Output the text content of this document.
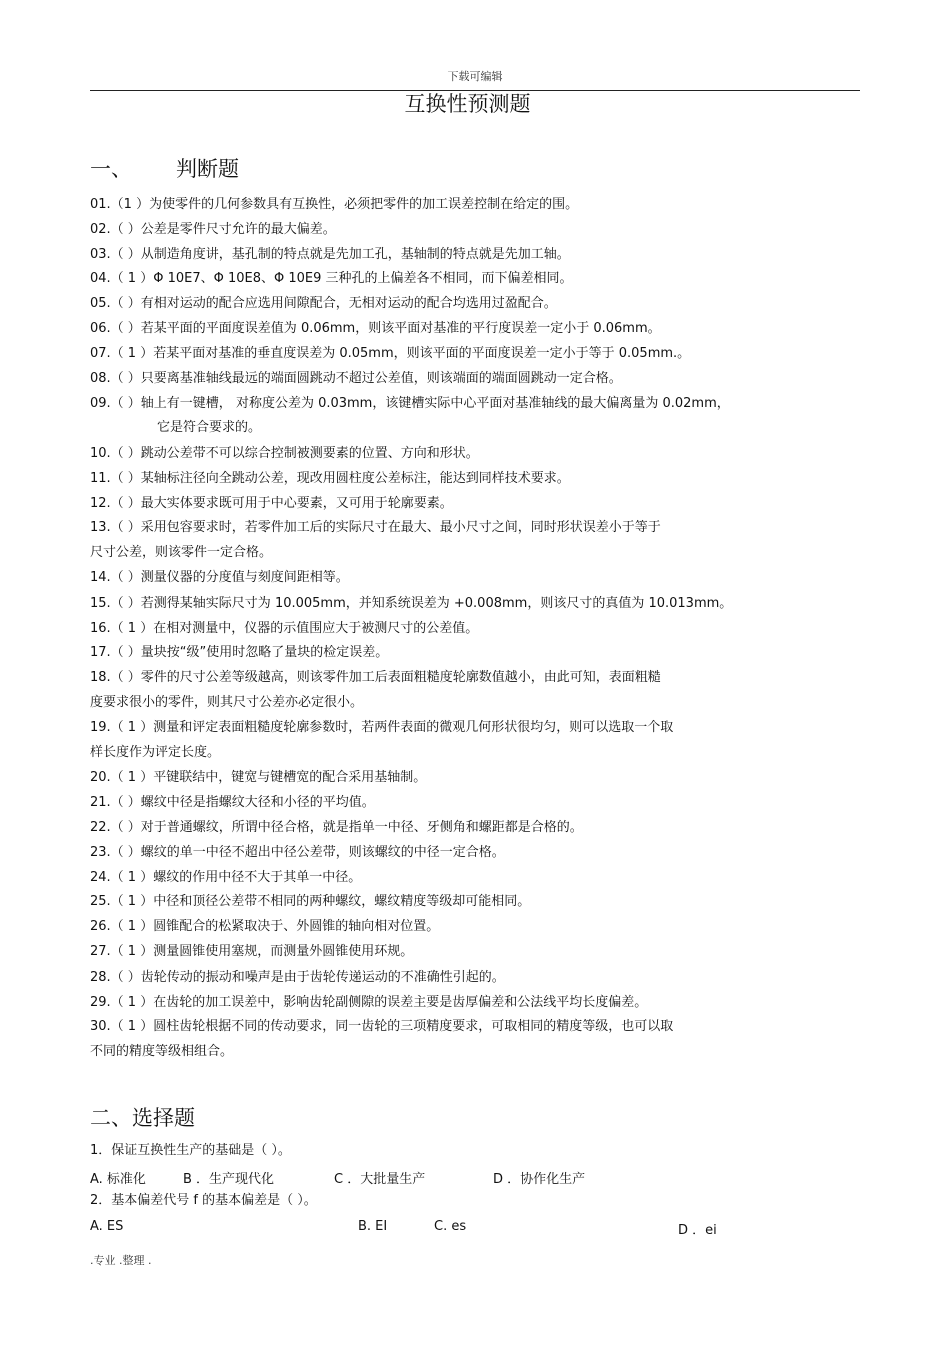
下载可编辑
互换性预测题
一、 判断题
01.（1 ）为使零件的几何参数具有互换性，必须把零件的加工误差控制在给定的围。
02.（ ）公差是零件尺寸允许的最大偏差。
03.（ ）从制造角度讲，基孔制的特点就是先加工孔，基轴制的特点就是先加工轴。
04.（ 1 ）Φ 10E7、Φ 10E8、Φ 10E9 三种孔的上偏差各不相同，而下偏差相同。
05.（ ）有相对运动的配合应选用间隙配合，无相对运动的配合均选用过盈配合。
06.（ ）若某平面的平面度误差值为 0.06mm，则该平面对基准的平行度误差一定小于 0.06mm。
07.（ 1 ）若某平面对基准的垂直度误差为 0.05mm，则该平面的平面度误差一定小于等于 0.05mm.。
08.（ ）只要离基准轴线最远的端面圆跳动不超过公差值，则该端面的端面圆跳动一定合格。
09.（ ）轴上有一键槽， 对称度公差为 0.03mm，该键槽实际中心平面对基准轴线的最大偏离量为 0.02mm，
它是符合要求的。
10.（ ）跳动公差带不可以综合控制被测要素的位置、方向和形状。
11.（ ）某轴标注径向全跳动公差，现改用圆柱度公差标注，能达到同样技术要求。
12.（ ）最大实体要求既可用于中心要素，又可用于轮廓要素。
13.（ ）采用包容要求时，若零件加工后的实际尺寸在最大、最小尺寸之间，同时形状误差小于等于
尺寸公差，则该零件一定合格。
14.（ ）测量仪器的分度值与刻度间距相等。
15.（ ）若测得某轴实际尺寸为 10.005mm，并知系统误差为 +0.008mm，则该尺寸的真值为 10.013mm。
16.（ 1 ）在相对测量中，仪器的示值围应大于被测尺寸的公差值。
17.（ ）量块按“级”使用时忽略了量块的检定误差。
18.（ ）零件的尺寸公差等级越高，则该零件加工后表面粗糙度轮廓数值越小，由此可知，表面粗糙
度要求很小的零件，则其尺寸公差亦必定很小。
19.（ 1 ）测量和评定表面粗糙度轮廓参数时，若两件表面的微观几何形状很均匀，则可以选取一个取
样长度作为评定长度。
20.（ 1 ）平键联结中，键宽与键槽宽的配合采用基轴制。
21.（ ）螺纹中径是指螺纹大径和小径的平均值。
22.（ ）对于普通螺纹，所谓中径合格，就是指单一中径、牙侧角和螺距都是合格的。
23.（ ）螺纹的单一中径不超出中径公差带，则该螺纹的中径一定合格。
24.（ 1 ）螺纹的作用中径不大于其单一中径。
25.（ 1 ）中径和顶径公差带不相同的两种螺纹，螺纹精度等级却可能相同。
26.（ 1 ）圆锥配合的松紧取决于、外圆锥的轴向相对位置。
27.（ 1 ）测量圆锥使用塞规，而测量外圆锥使用环规。
28.（ ）齿轮传动的振动和噪声是由于齿轮传递运动的不准确性引起的。
29.（ 1 ）在齿轮的加工误差中，影响齿轮副侧隙的误差主要是齿厚偏差和公法线平均长度偏差。
30.（ 1 ）圆柱齿轮根据不同的传动要求，同一齿轮的三项精度要求，可取相同的精度等级，也可以取
不同的精度等级相组合。
二、选择题
1．保证互换性生产的基础是（ ）。
A. 标准化	B ．生产现代化	C ．大批量生产	D ．协作化生产
2．基本偏差代号 f 的基本偏差是（ ）。
A. ES	B. EI	C. es	D ．ei
.专业 .整理 .
